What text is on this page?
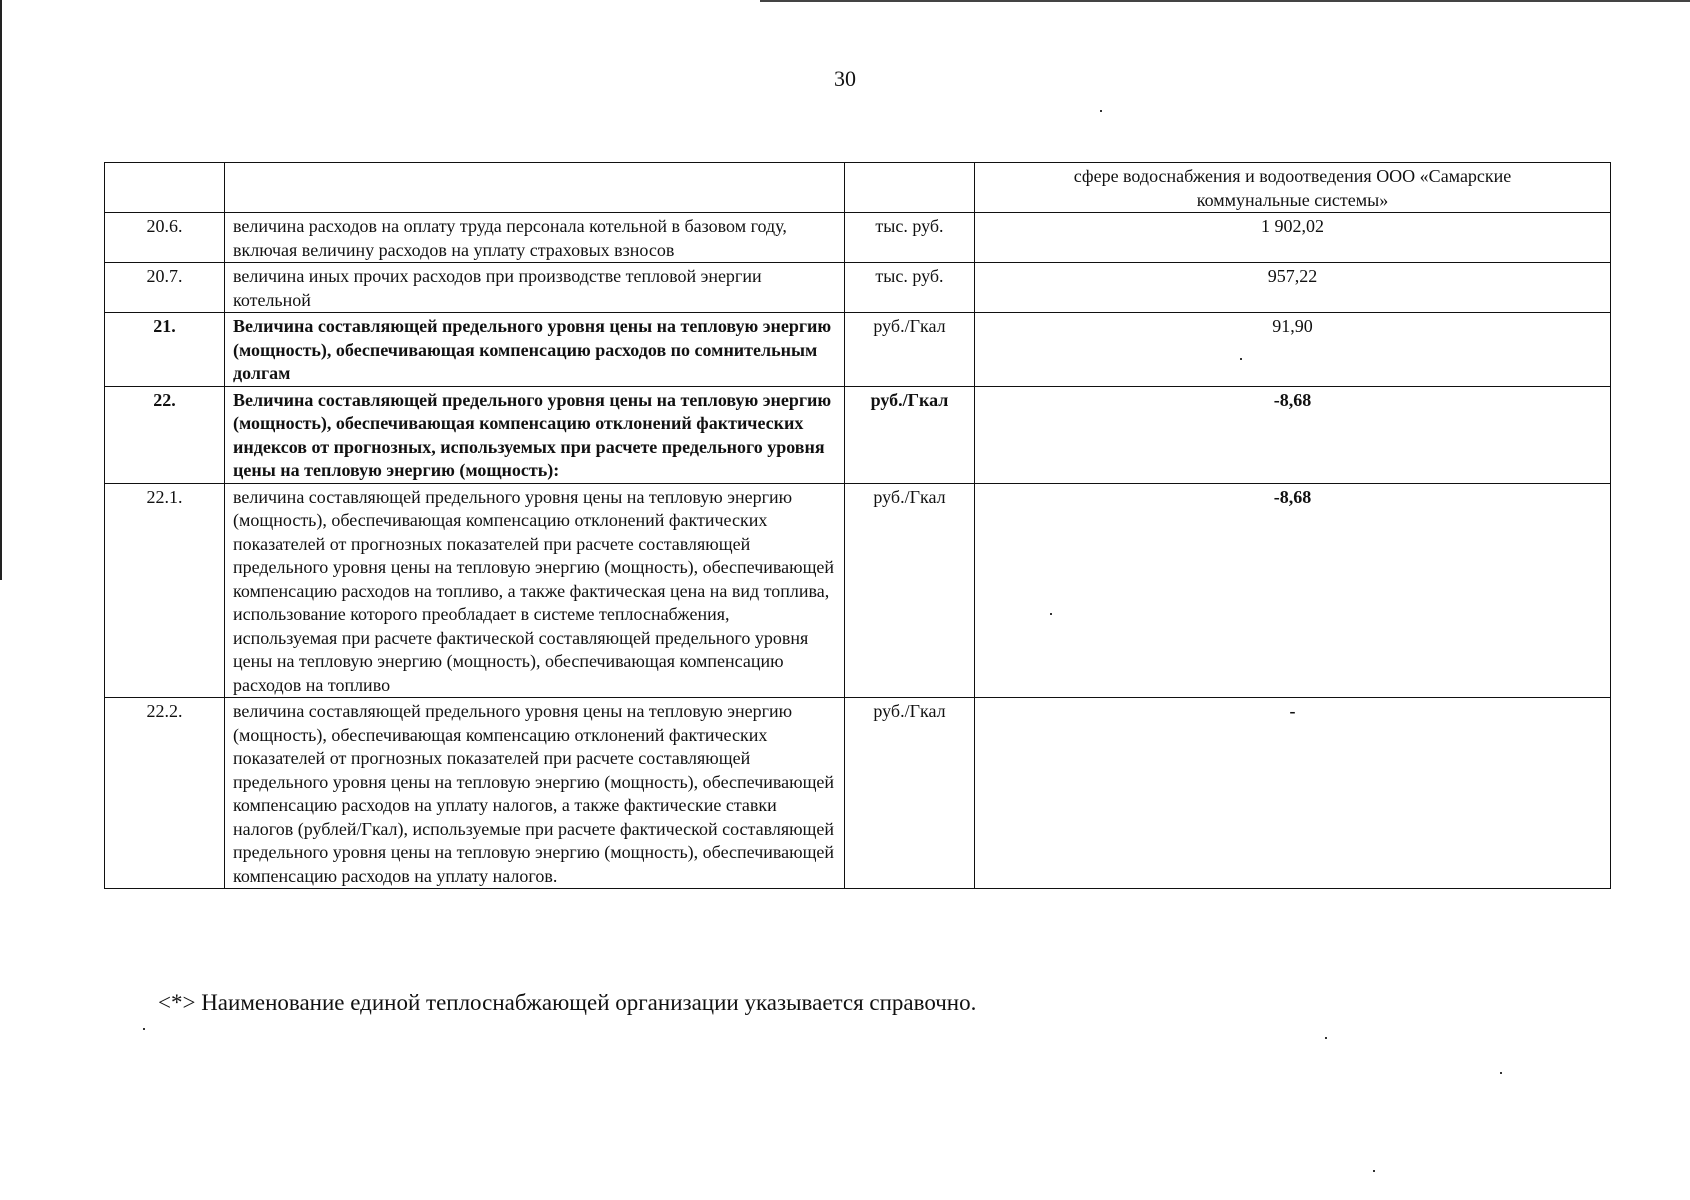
30
			сфере водоснабжения и водоотведения ООО «Самарские коммунальные системы»
20.6.	величина расходов на оплату труда персонала котельной в базовом году, включая величину расходов на уплату страховых взносов	тыс. руб.	1 902,02
20.7.	величина иных прочих расходов при производстве тепловой энергии котельной	тыс. руб.	957,22
21.	Величина составляющей предельного уровня цены на тепловую энергию (мощность), обеспечивающая компенсацию расходов по сомнительным долгам	руб./Гкал	91,90
22.	Величина составляющей предельного уровня цены на тепловую энергию (мощность), обеспечивающая компенсацию отклонений фактических индексов от прогнозных, используемых при расчете предельного уровня цены на тепловую энергию (мощность):	руб./Гкал	-8,68
22.1.	величина составляющей предельного уровня цены на тепловую энергию (мощность), обеспечивающая компенсацию отклонений фактических показателей от прогнозных показателей при расчете составляющей предельного уровня цены на тепловую энергию (мощность), обеспечивающей компенсацию расходов на топливо, а также фактическая цена на вид топлива, использование которого преобладает в системе теплоснабжения, используемая при расчете фактической составляющей предельного уровня цены на тепловую энергию (мощность), обеспечивающая компенсацию расходов на топливо	руб./Гкал	-8,68
22.2.	величина составляющей предельного уровня цены на тепловую энергию (мощность), обеспечивающая компенсацию отклонений фактических показателей от прогнозных показателей при расчете составляющей предельного уровня цены на тепловую энергию (мощность), обеспечивающей компенсацию расходов на уплату налогов, а также фактические ставки налогов (рублей/Гкал), используемые при расчете фактической составляющей предельного уровня цены на тепловую энергию (мощность), обеспечивающей компенсацию расходов на уплату налогов.	руб./Гкал	-
<*> Наименование единой теплоснабжающей организации указывается справочно.
